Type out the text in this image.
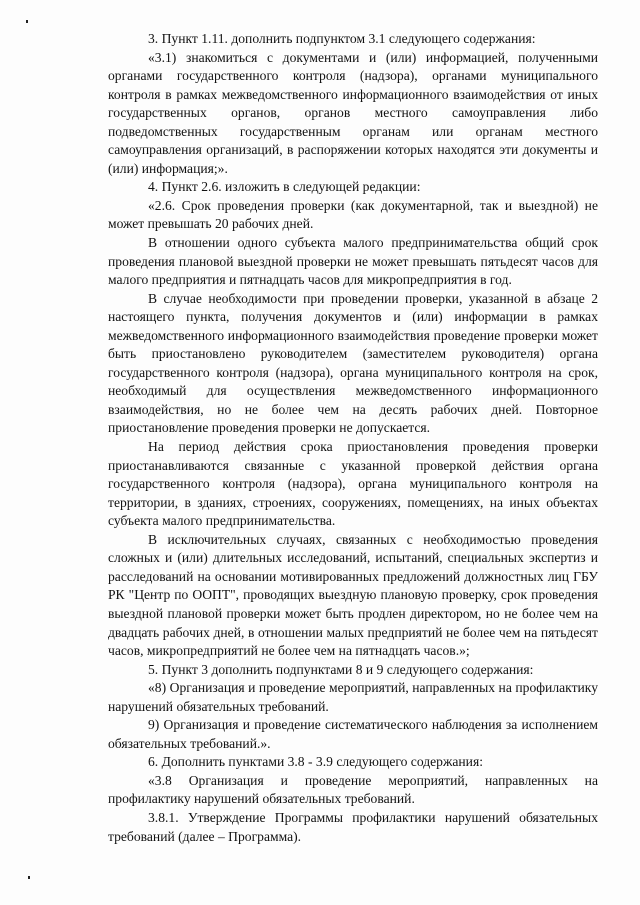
3. Пункт 1.11. дополнить подпунктом 3.1 следующего содержания:

«3.1) знакомиться с документами и (или) информацией, полученными органами государственного контроля (надзора), органами муниципального контроля в рамках межведомственного информационного взаимодействия от иных государственных органов, органов местного самоуправления либо подведомственных государственным органам или органам местного самоуправления организаций, в распоряжении которых находятся эти документы и (или) информация;».

4. Пункт 2.6. изложить в следующей редакции:

«2.6. Срок проведения проверки (как документарной, так и выездной) не может превышать 20 рабочих дней.

В отношении одного субъекта малого предпринимательства общий срок проведения плановой выездной проверки не может превышать пятьдесят часов для малого предприятия и пятнадцать часов для микропредприятия в год.

В случае необходимости при проведении проверки, указанной в абзаце 2 настоящего пункта, получения документов и (или) информации в рамках межведомственного информационного взаимодействия проведение проверки может быть приостановлено руководителем (заместителем руководителя) органа государственного контроля (надзора), органа муниципального контроля на срок, необходимый для осуществления межведомственного информационного взаимодействия, но не более чем на десять рабочих дней. Повторное приостановление проведения проверки не допускается.

На период действия срока приостановления проведения проверки приостанавливаются связанные с указанной проверкой действия органа государственного контроля (надзора), органа муниципального контроля на территории, в зданиях, строениях, сооружениях, помещениях, на иных объектах субъекта малого предпринимательства.

В исключительных случаях, связанных с необходимостью проведения сложных и (или) длительных исследований, испытаний, специальных экспертиз и расследований на основании мотивированных предложений должностных лиц ГБУ РК "Центр по ООПТ", проводящих выездную плановую проверку, срок проведения выездной плановой проверки может быть продлен директором, но не более чем на двадцать рабочих дней, в отношении малых предприятий не более чем на пятьдесят часов, микропредприятий не более чем на пятнадцать часов.»;

5. Пункт 3 дополнить подпунктами 8 и 9 следующего содержания:

«8) Организация и проведение мероприятий, направленных на профилактику нарушений обязательных требований.

9) Организация и проведение систематического наблюдения за исполнением обязательных требований.».

6. Дополнить пунктами 3.8 - 3.9 следующего содержания:

«3.8 Организация и проведение мероприятий, направленных на профилактику нарушений обязательных требований.

3.8.1. Утверждение Программы профилактики нарушений обязательных требований (далее – Программа).
